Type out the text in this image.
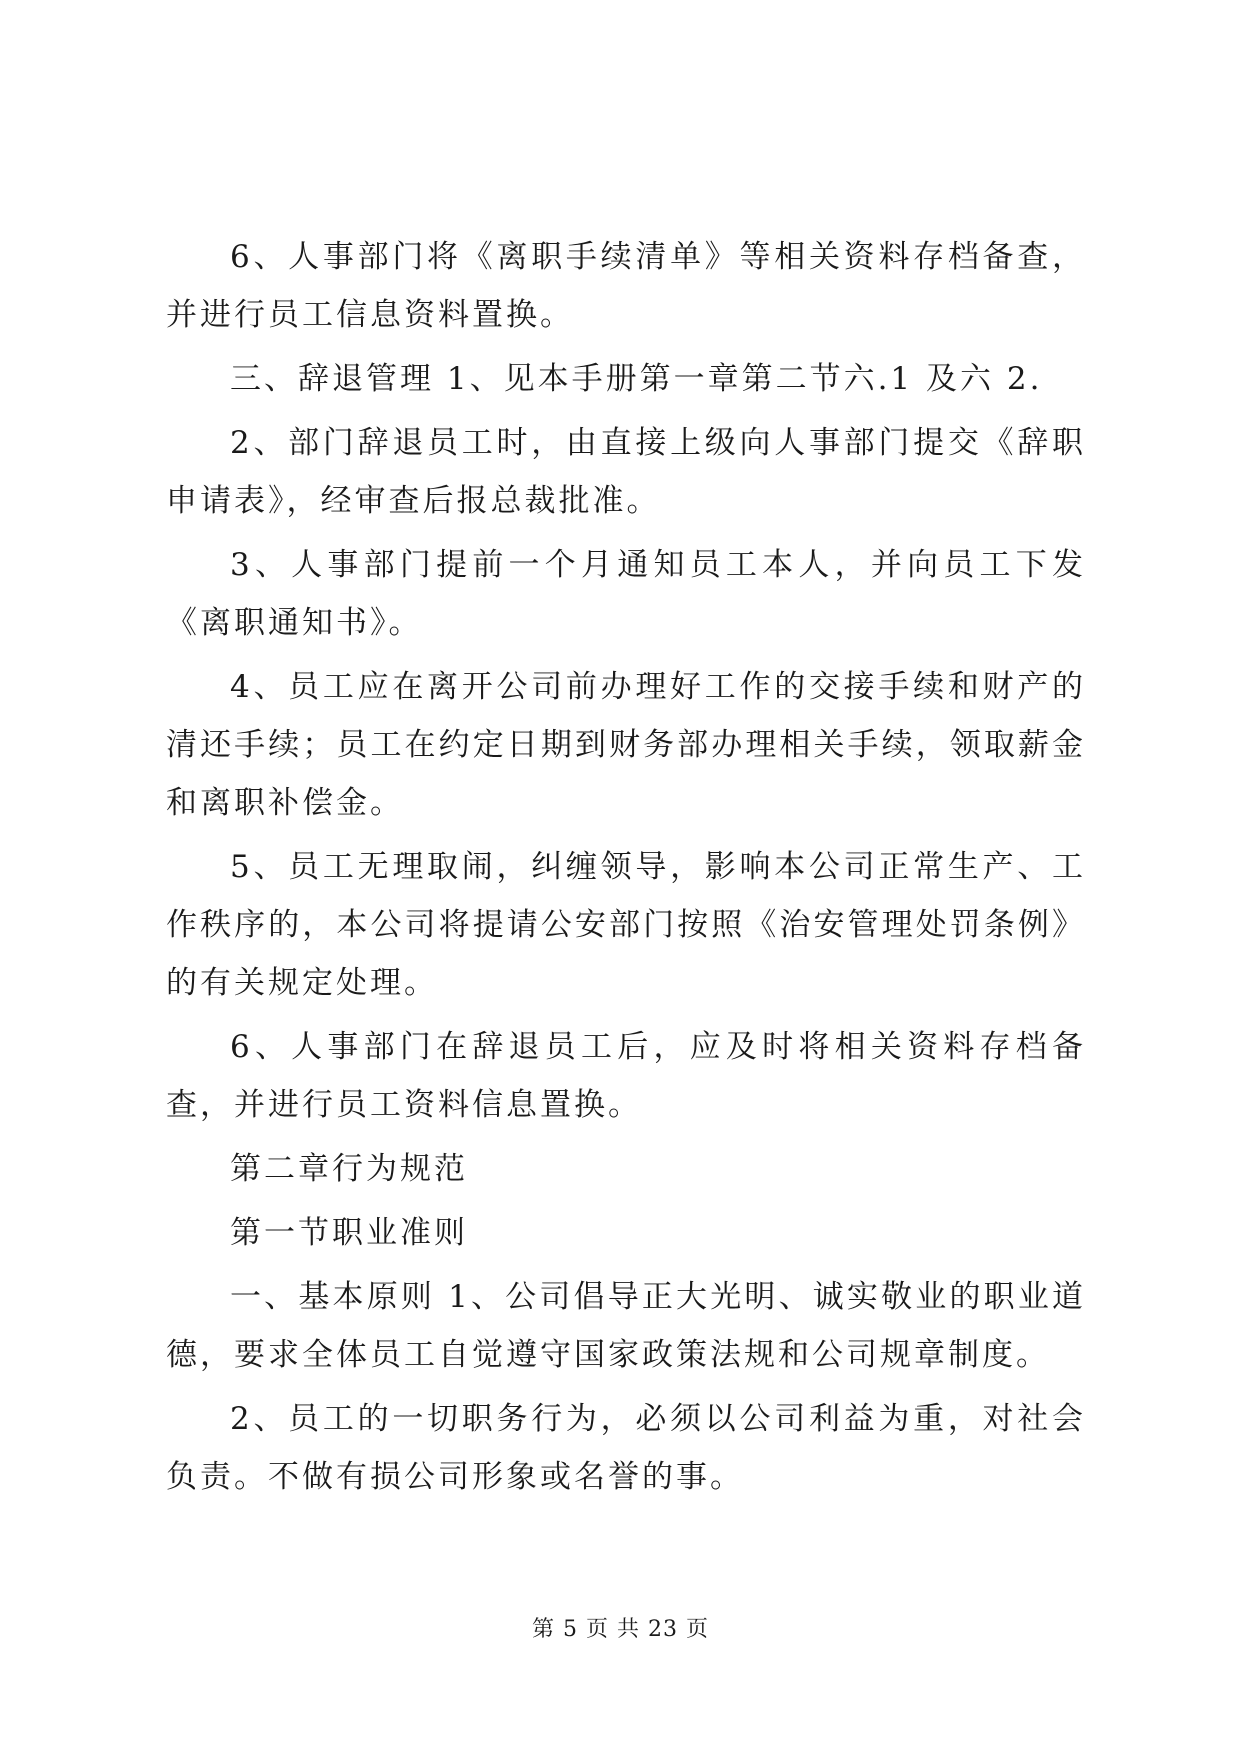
6、人事部门将《离职手续清单》等相关资料存档备查，并进行员工信息资料置换。

三、辞退管理 1、见本手册第一章第二节六.1 及六 2.

2、部门辞退员工时，由直接上级向人事部门提交《辞职申请表》，经审查后报总裁批准。

3、人事部门提前一个月通知员工本人，并向员工下发《离职通知书》。

4、员工应在离开公司前办理好工作的交接手续和财产的清还手续；员工在约定日期到财务部办理相关手续，领取薪金和离职补偿金。

5、员工无理取闹，纠缠领导，影响本公司正常生产、工作秩序的，本公司将提请公安部门按照《治安管理处罚条例》的有关规定处理。

6、人事部门在辞退员工后，应及时将相关资料存档备查，并进行员工资料信息置换。

第二章行为规范

第一节职业准则

一、基本原则 1、公司倡导正大光明、诚实敬业的职业道德，要求全体员工自觉遵守国家政策法规和公司规章制度。

2、员工的一切职务行为，必须以公司利益为重，对社会负责。不做有损公司形象或名誉的事。

第 5 页 共 23 页
